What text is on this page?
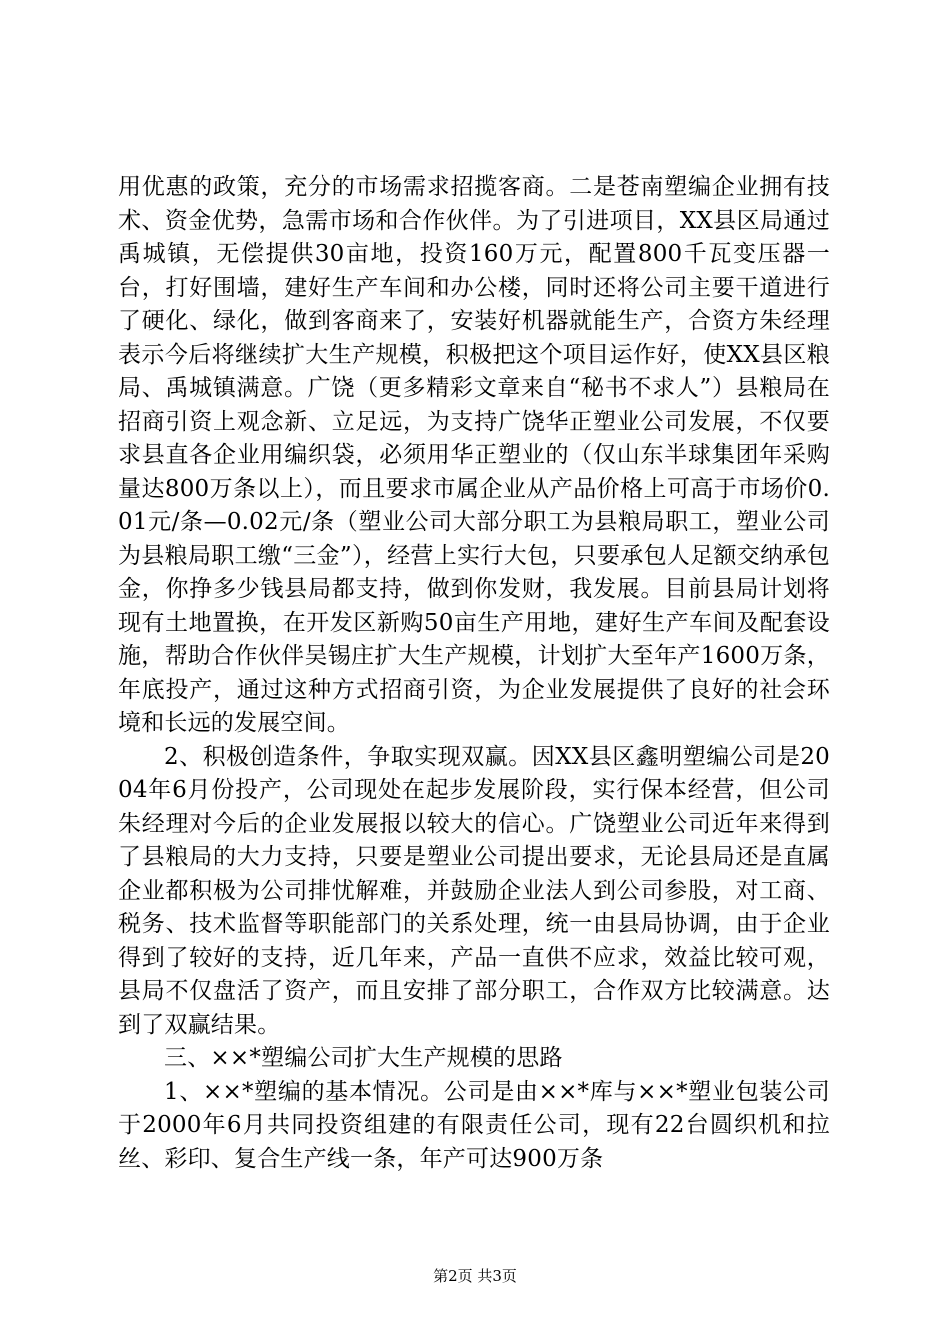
用优惠的政策，充分的市场需求招揽客商。二是苍南塑编企业拥有技术、资金优势，急需市场和合作伙伴。为了引进项目，XX县区局通过禹城镇，无偿提供30亩地，投资160万元，配置800千瓦变压器一台，打好围墙，建好生产车间和办公楼，同时还将公司主要干道进行了硬化、绿化，做到客商来了，安装好机器就能生产，合资方朱经理表示今后将继续扩大生产规模，积极把这个项目运作好，使XX县区粮局、禹城镇满意。广饶（更多精彩文章来自“秘书不求人”）县粮局在招商引资上观念新、立足远，为支持广饶华正塑业公司发展，不仅要求县直各企业用编织袋，必须用华正塑业的（仅山东半球集团年采购量达800万条以上），而且要求市属企业从产品价格上可高于市场价0.01元/条—0.02元/条（塑业公司大部分职工为县粮局职工，塑业公司为县粮局职工缴“三金”），经营上实行大包，只要承包人足额交纳承包金，你挣多少钱县局都支持，做到你发财，我发展。目前县局计划将现有土地置换，在开发区新购50亩生产用地，建好生产车间及配套设施，帮助合作伙伴吴锡庄扩大生产规模，计划扩大至年产1600万条，年底投产，通过这种方式招商引资，为企业发展提供了良好的社会环境和长远的发展空间。

2、积极创造条件，争取实现双赢。因XX县区鑫明塑编公司是2004年6月份投产，公司现处在起步发展阶段，实行保本经营，但公司朱经理对今后的企业发展报以较大的信心。广饶塑业公司近年来得到了县粮局的大力支持，只要是塑业公司提出要求，无论县局还是直属企业都积极为公司排忧解难，并鼓励企业法人到公司参股，对工商、税务、技术监督等职能部门的关系处理，统一由县局协调，由于企业得到了较好的支持，近几年来，产品一直供不应求，效益比较可观，县局不仅盘活了资产，而且安排了部分职工，合作双方比较满意。达到了双赢结果。

三、××*塑编公司扩大生产规模的思路

1、××*塑编的基本情况。公司是由××*库与××*塑业包装公司于2000年6月共同投资组建的有限责任公司，现有22台圆织机和拉丝、彩印、复合生产线一条，年产可达900万条

第2页 共3页
